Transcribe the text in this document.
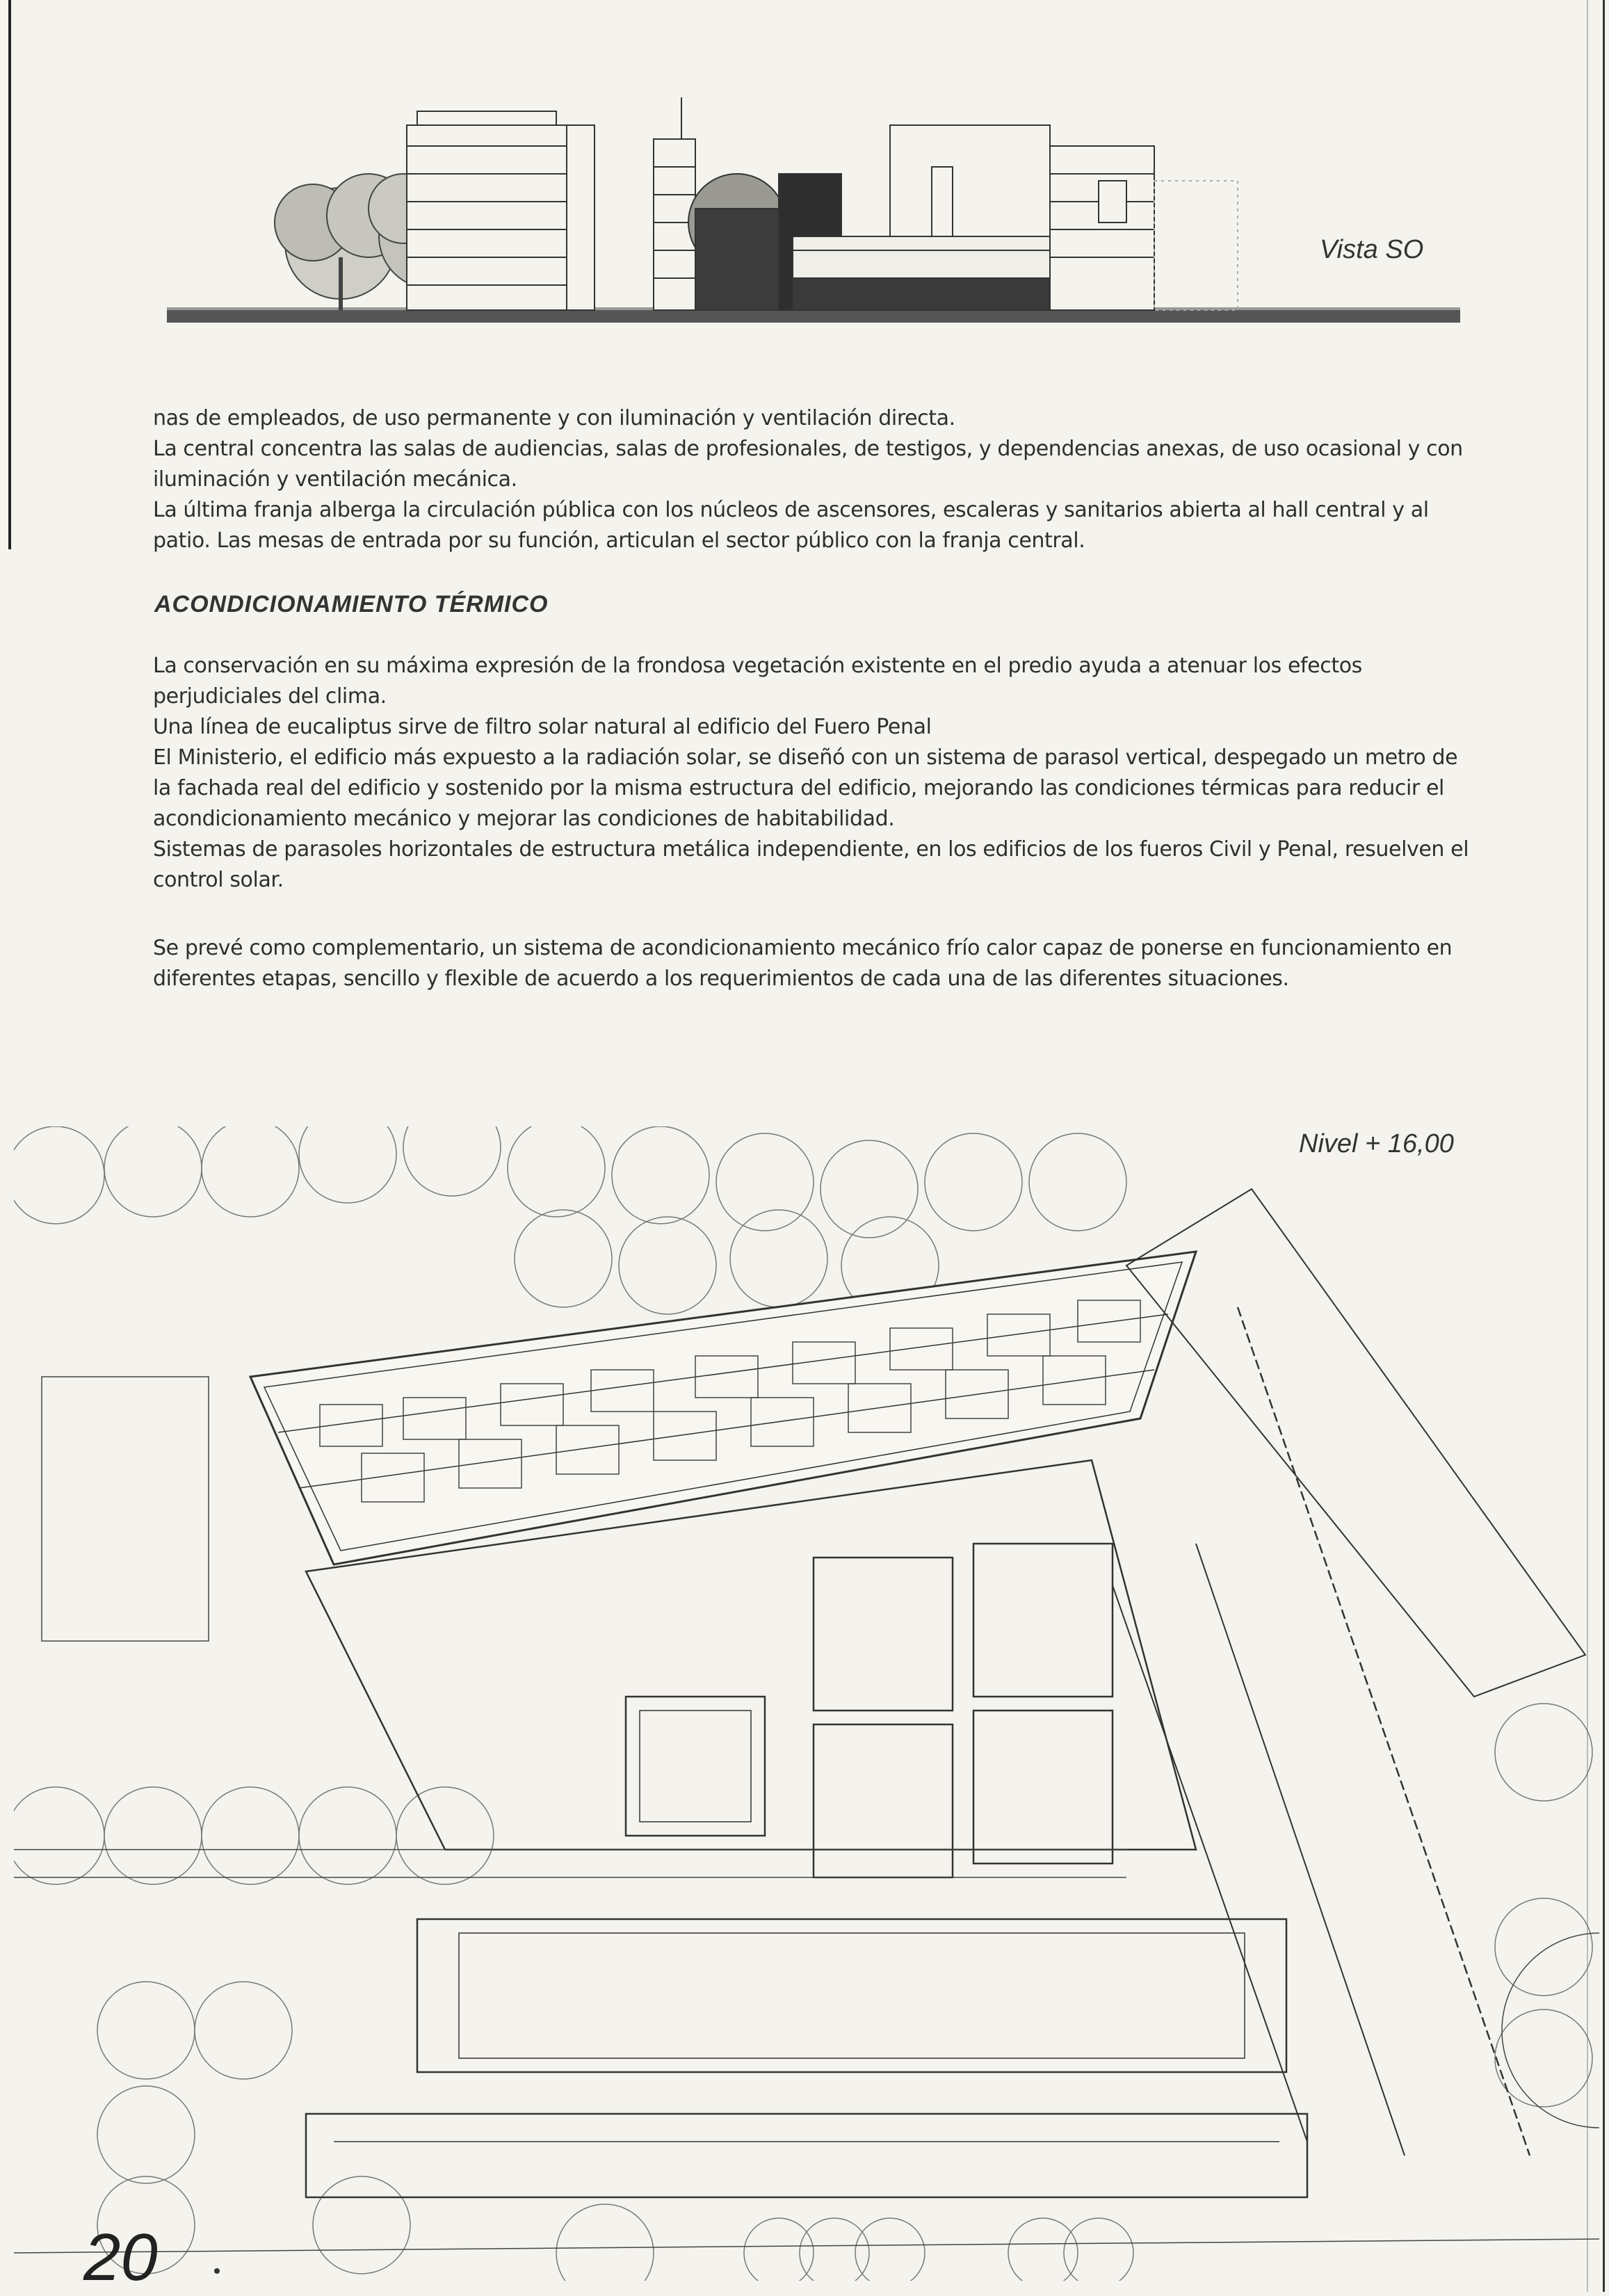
Vista SO

nas de empleados, de uso permanente y con iluminación y ventilación directa.

La central concentra las salas de audiencias, salas de profesionales, de testigos, y dependencias anexas, de uso ocasional y con iluminación y ventilación mecánica.

La última franja alberga la circulación pública con los núcleos de ascensores, escaleras y sanitarios abierta al hall central y al patio. Las mesas de entrada por su función, articulan el sector público con la franja central.

ACONDICIONAMIENTO TÉRMICO

La conservación en su máxima expresión de la frondosa vegetación existente en el predio ayuda a atenuar los efectos perjudiciales del clima.

Una línea de eucaliptus sirve de filtro solar natural al edificio del Fuero Penal

El Ministerio, el edificio más expuesto a la radiación solar, se diseñó con un sistema de parasol vertical, despegado un metro de la fachada real del edificio y sostenido por la misma estructura del edificio, mejorando las condiciones térmicas para reducir el acondicionamiento mecánico y mejorar las condiciones de habitabilidad.

Sistemas de parasoles horizontales de estructura metálica independiente, en los edificios de los fueros Civil y Penal, resuelven el control solar.

Se prevé como complementario, un sistema de acondicionamiento mecánico frío calor capaz de ponerse en funcionamiento en diferentes etapas, sencillo y flexible de acuerdo a los requerimientos de cada una de las diferentes situaciones.

Nivel + 16,00
20
